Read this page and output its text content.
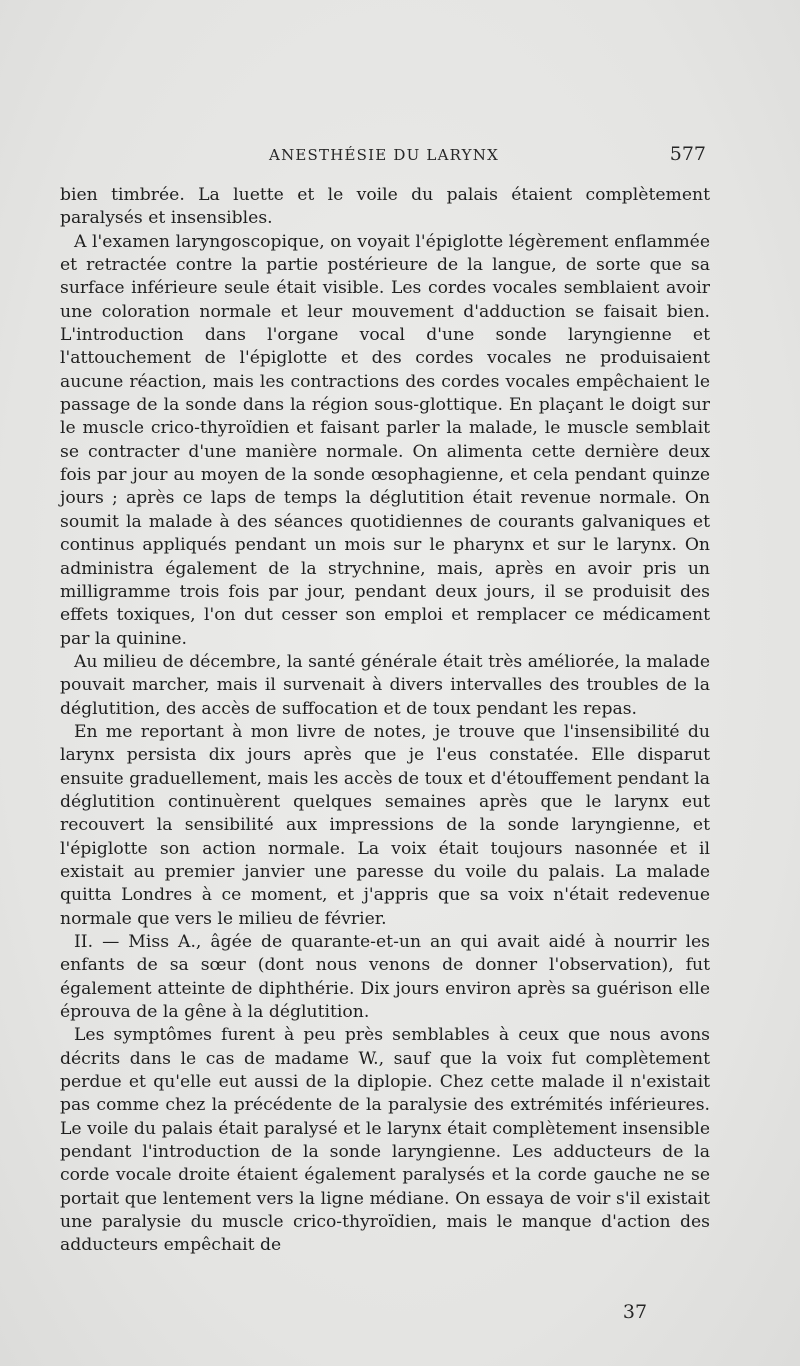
ANESTHÉSIE DU LARYNX	577

bien timbrée. La luette et le voile du palais étaient complètement paralysés et insensibles.

A l'examen laryngoscopique, on voyait l'épiglotte légèrement enflammée et retractée contre la partie postérieure de la langue, de sorte que sa surface inférieure seule était visible. Les cordes vocales semblaient avoir une coloration normale et leur mouvement d'adduction se faisait bien. L'introduction dans l'organe vocal d'une sonde laryngienne et l'attouchement de l'épiglotte et des cordes vocales ne produisaient aucune réaction, mais les contractions des cordes vocales empêchaient le passage de la sonde dans la région sous-glottique. En plaçant le doigt sur le muscle crico-thyroïdien et faisant parler la malade, le muscle semblait se contracter d'une manière normale. On alimenta cette dernière deux fois par jour au moyen de la sonde œsophagienne, et cela pendant quinze jours ; après ce laps de temps la déglutition était revenue normale. On soumit la malade à des séances quotidiennes de courants galvaniques et continus appliqués pendant un mois sur le pharynx et sur le larynx. On administra également de la strychnine, mais, après en avoir pris un milligramme trois fois par jour, pendant deux jours, il se produisit des effets toxiques, l'on dut cesser son emploi et remplacer ce médicament par la quinine.

Au milieu de décembre, la santé générale était très améliorée, la malade pouvait marcher, mais il survenait à divers intervalles des troubles de la déglutition, des accès de suffocation et de toux pendant les repas.

En me reportant à mon livre de notes, je trouve que l'insensibilité du larynx persista dix jours après que je l'eus constatée. Elle disparut ensuite graduellement, mais les accès de toux et d'étouffement pendant la déglutition continuèrent quelques semaines après que le larynx eut recouvert la sensibilité aux impressions de la sonde laryngienne, et l'épiglotte son action normale. La voix était toujours nasonnée et il existait au premier janvier une paresse du voile du palais. La malade quitta Londres à ce moment, et j'appris que sa voix n'était redevenue normale que vers le milieu de février.

II. — Miss A., âgée de quarante-et-un an qui avait aidé à nourrir les enfants de sa sœur (dont nous venons de donner l'observation), fut également atteinte de diphthérie. Dix jours environ après sa guérison elle éprouva de la gêne à la déglutition.

Les symptômes furent à peu près semblables à ceux que nous avons décrits dans le cas de madame W., sauf que la voix fut complètement perdue et qu'elle eut aussi de la diplopie. Chez cette malade il n'existait pas comme chez la précédente de la paralysie des extrémités inférieures. Le voile du palais était paralysé et le larynx était complètement insensible pendant l'introduction de la sonde laryngienne. Les adducteurs de la corde vocale droite étaient également paralysés et la corde gauche ne se portait que lentement vers la ligne médiane. On essaya de voir s'il existait une paralysie du muscle crico-thyroïdien, mais le manque d'action des adducteurs empêchait de

37
